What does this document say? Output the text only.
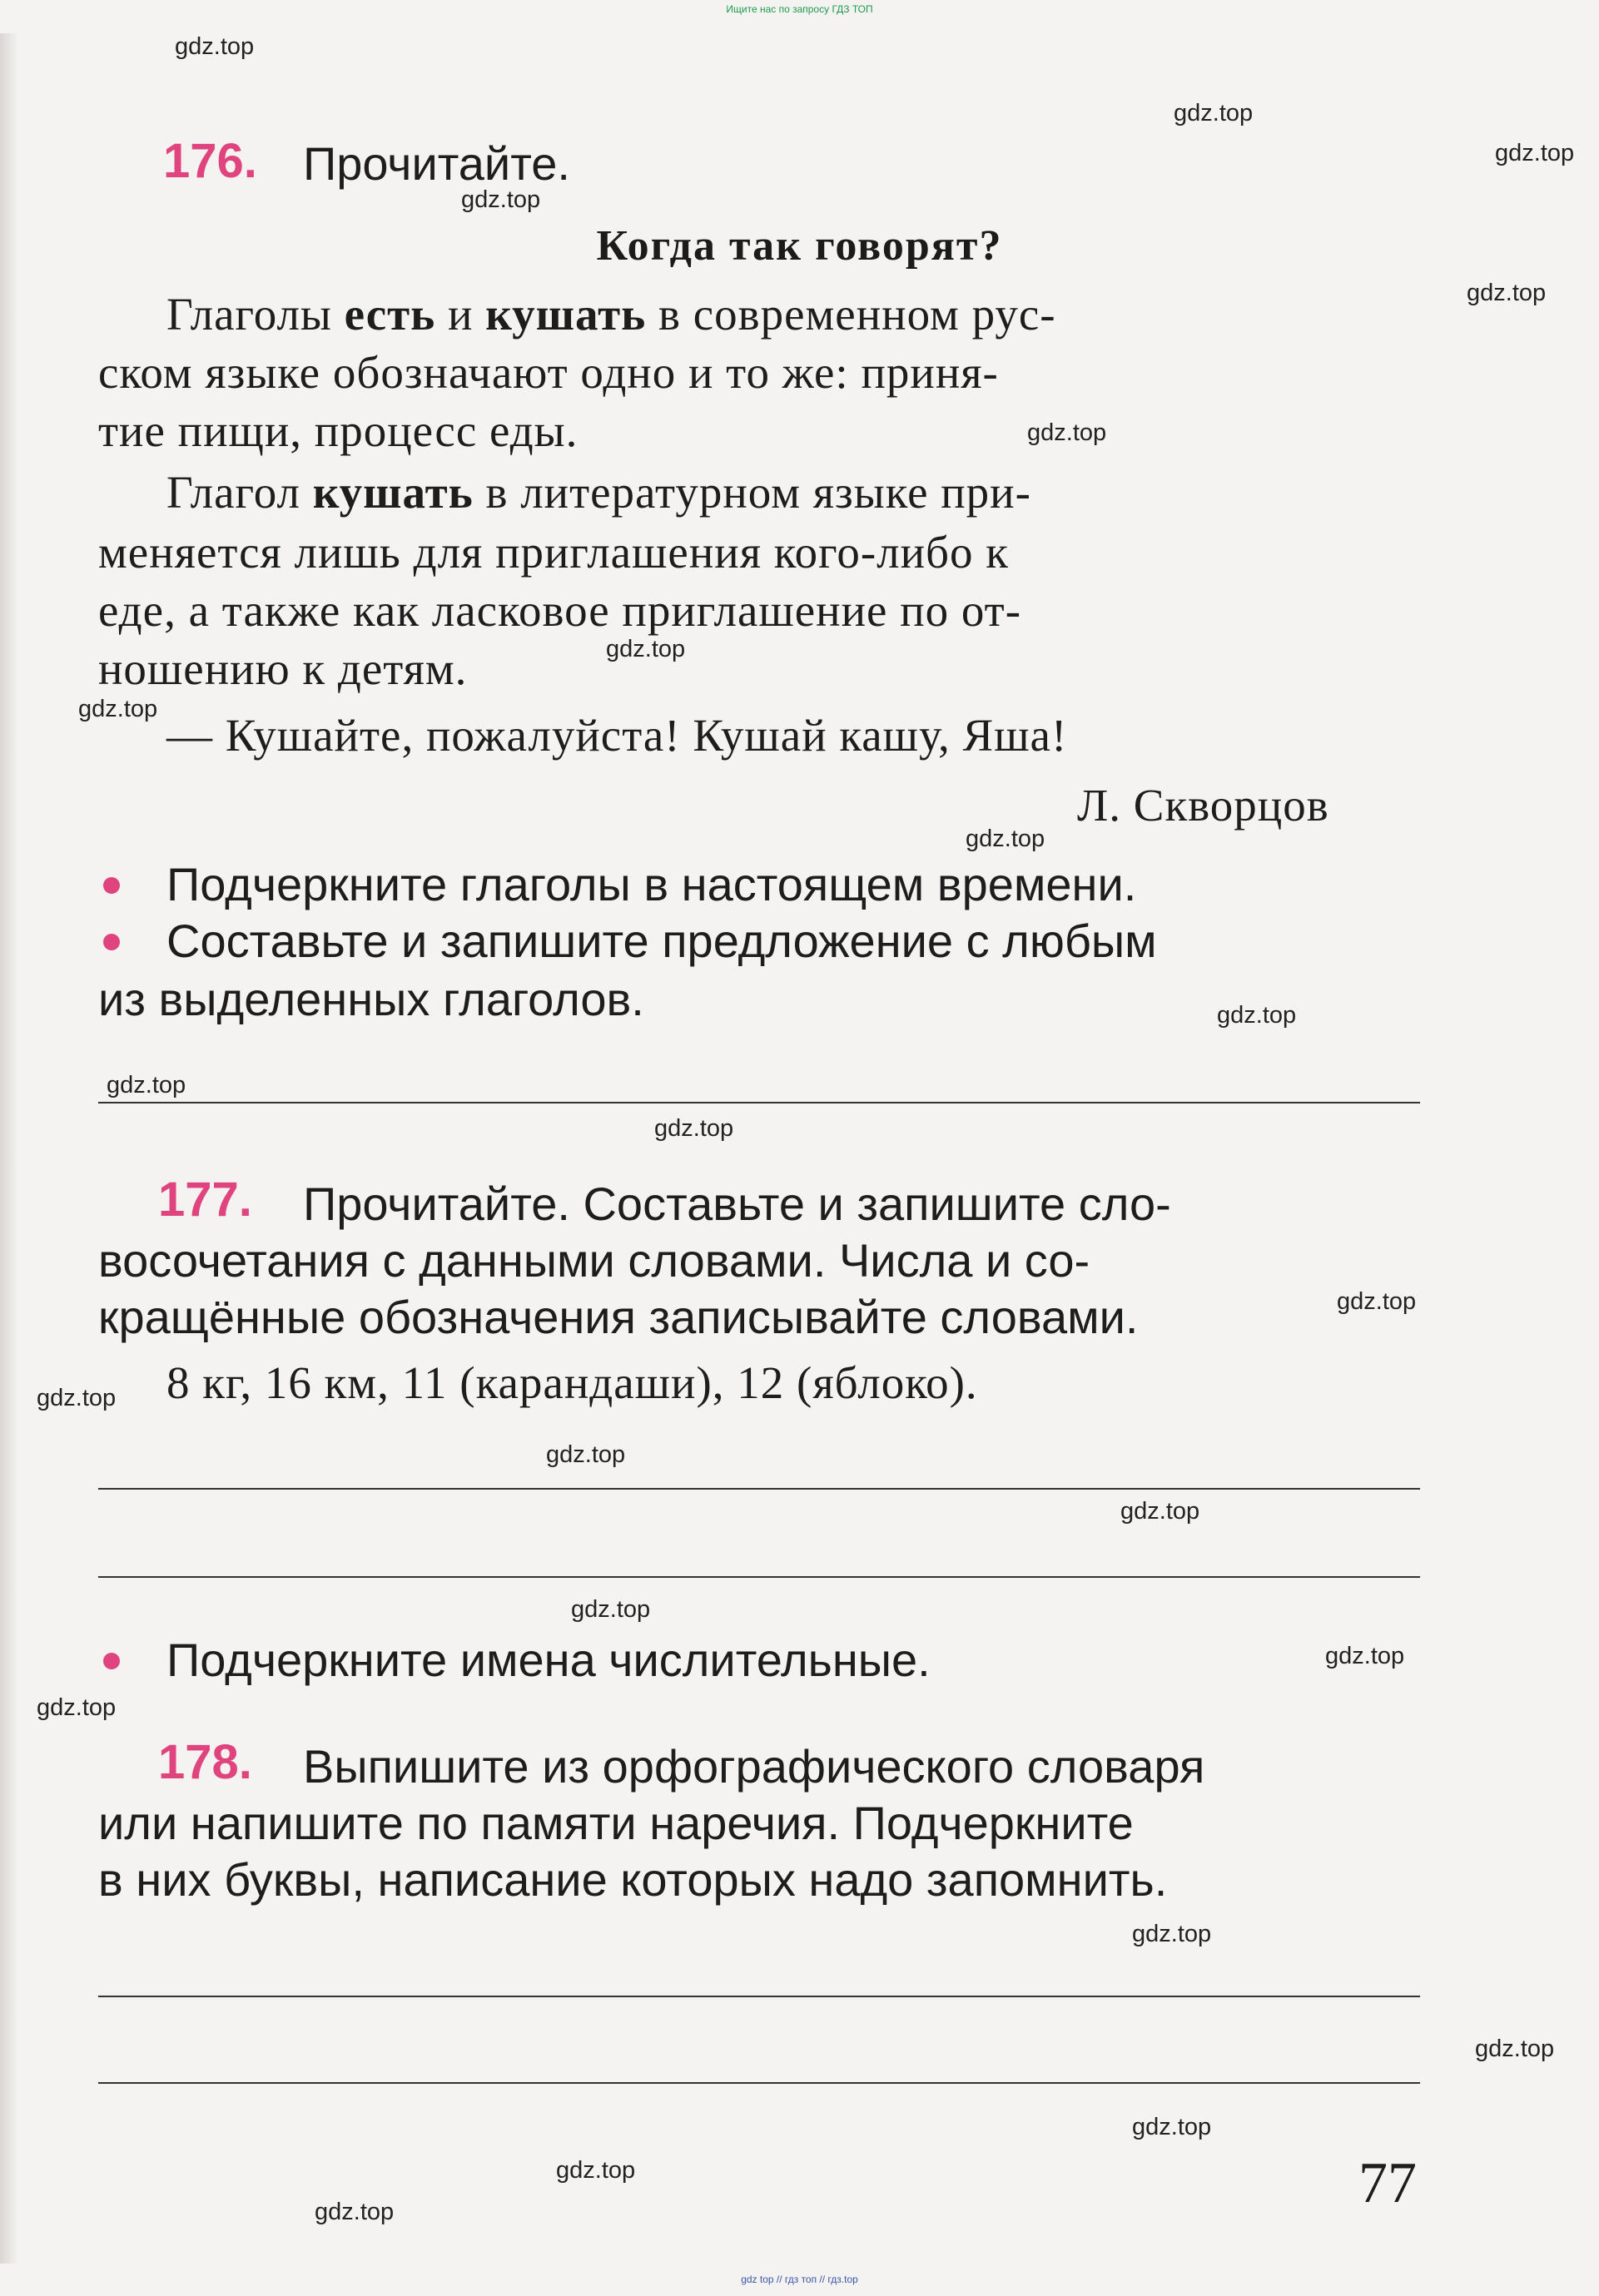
Ищите нас по запросу ГДЗ ТОП
176. Прочитайте.
Когда так говорят?
Глаголы есть и кушать в современном рус-
ском языке обозначают одно и то же: приня-
тие пищи, процесс еды.
Глагол кушать в литературном языке при-
меняется лишь для приглашения кого-либо к
еде, а также как ласковое приглашение по от-
ношению к детям.
— Кушайте, пожалуйста! Кушай кашу, Яша!
Л. Скворцов
Подчеркните глаголы в настоящем времени.
Составьте и запишите предложение с любым
из выделенных глаголов.
177. Прочитайте. Составьте и запишите сло-
восочетания с данными словами. Числа и со-
кращённые обозначения записывайте словами.
8 кг, 16 км, 11 (карандаши), 12 (яблоко).
Подчеркните имена числительные.
178. Выпишите из орфографического словаря
или напишите по памяти наречия. Подчеркните
в них буквы, написание которых надо запомнить.
77
gdz.top
gdz.top
gdz.top
gdz.top
gdz.top
gdz.top
gdz.top
gdz.top
gdz.top
gdz.top
gdz.top
gdz.top
gdz.top
gdz.top
gdz.top
gdz.top
gdz.top
gdz.top
gdz.top
gdz.top
gdz.top
gdz.top
gdz.top
gdz.top
gdz top // гдз топ // гдз.top
